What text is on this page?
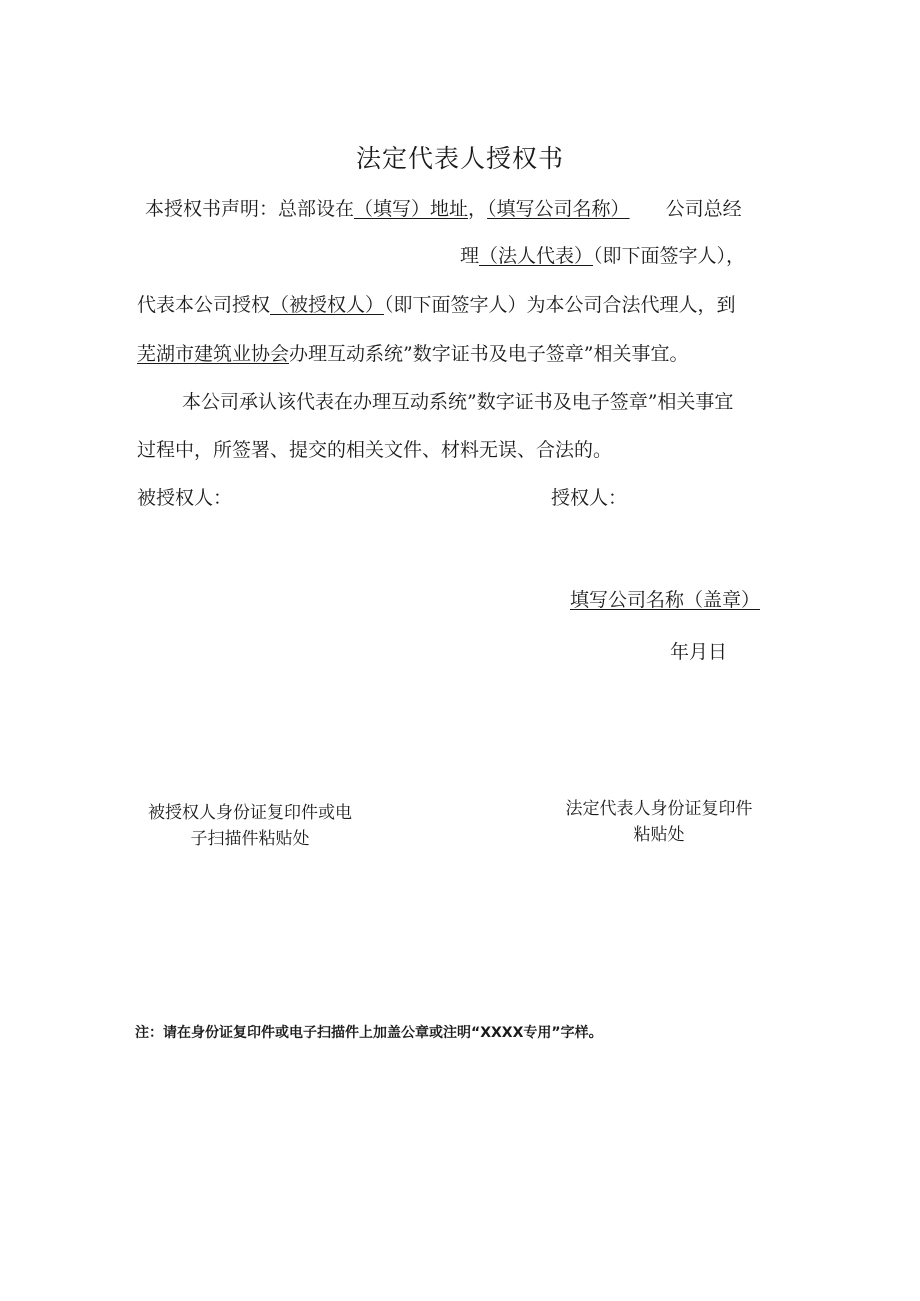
法定代表人授权书
本授权书声明：总部设在（填写）地址，（填写公司名称） 公司总经
理（法人代表）（即下面签字人），
代表本公司授权（被授权人）（即下面签字人）为本公司合法代理人，到
芜湖市建筑业协会办理互动系统”数字证书及电子签章”相关事宜。
本公司承认该代表在办理互动系统”数字证书及电子签章”相关事宜
过程中，所签署、提交的相关文件、材料无误、合法的。
被授权人：	授权人：
填写公司名称（盖章）
年月日
被授权人身份证复印件或电
子扫描件粘贴处
法定代表人身份证复印件
粘贴处
注：请在身份证复印件或电子扫描件上加盖公章或注明“XXXX专用”字样。
